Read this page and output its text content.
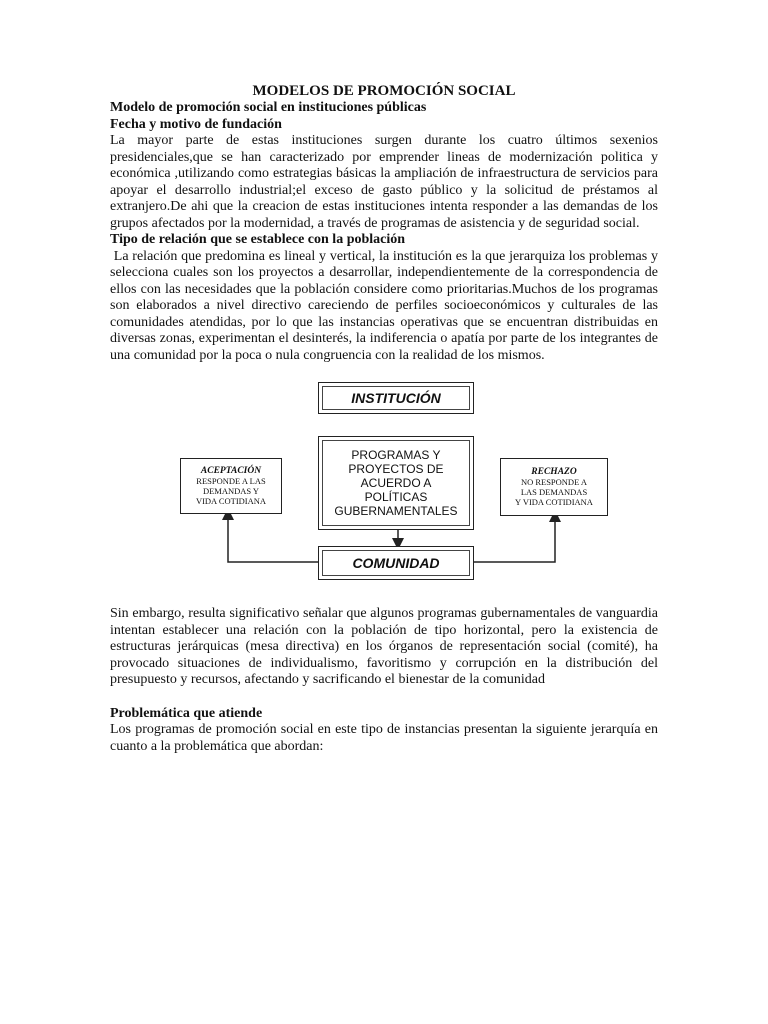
MODELOS DE PROMOCIÓN SOCIAL

Modelo de promoción social en instituciones públicas

Fecha y motivo de fundación

La mayor parte de estas instituciones surgen durante los cuatro últimos sexenios presidenciales,que se han caracterizado por emprender lineas de modernización politica y económica ,utilizando como estrategias básicas la ampliación de infraestructura de servicios para apoyar el desarrollo industrial;el exceso de gasto público y la solicitud de préstamos al extranjero.De ahi que la creacion de estas instituciones intenta responder a las demandas de los grupos afectados por la modernidad, a través de programas de asistencia y de seguridad social.

Tipo de relación que se establece con la población

La relación que predomina es lineal y vertical, la institución es la que jerarquiza los problemas y selecciona cuales son los proyectos a desarrollar, independientemente de la correspondencia de ellos con las necesidades que la población considere como prioritarias.Muchos de los programas son elaborados a nivel directivo careciendo de perfiles socioeconómicos y culturales de las comunidades atendidas, por lo que las instancias operativas que se encuentran distribuidas en diversas zonas, experimentan el desinterés, la indiferencia o apatía por parte de los integrantes de una comunidad por la poca o nula congruencia con la realidad de los mismos.

INSTITUCIÓN
PROGRAMAS Y
PROYECTOS DE
ACUERDO A
POLÍTICAS
GUBERNAMENTALES
COMUNIDAD
ACEPTACIÓN
RESPONDE A LAS
DEMANDAS Y
VIDA COTIDIANA
RECHAZO
NO RESPONDE A
LAS DEMANDAS
Y VIDA COTIDIANA

Sin embargo, resulta significativo señalar que algunos programas gubernamentales de vanguardia intentan establecer una relación con la población de tipo horizontal, pero la existencia de estructuras jerárquicas (mesa directiva) en los órganos de representación social (comité), ha provocado situaciones de individualismo, favoritismo y corrupción en la distribución del presupuesto y recursos, afectando y sacrificando el bienestar de la comunidad

Problemática que atiende

Los programas de promoción social en este tipo de instancias presentan la siguiente jerarquía en cuanto a la problemática que abordan:
